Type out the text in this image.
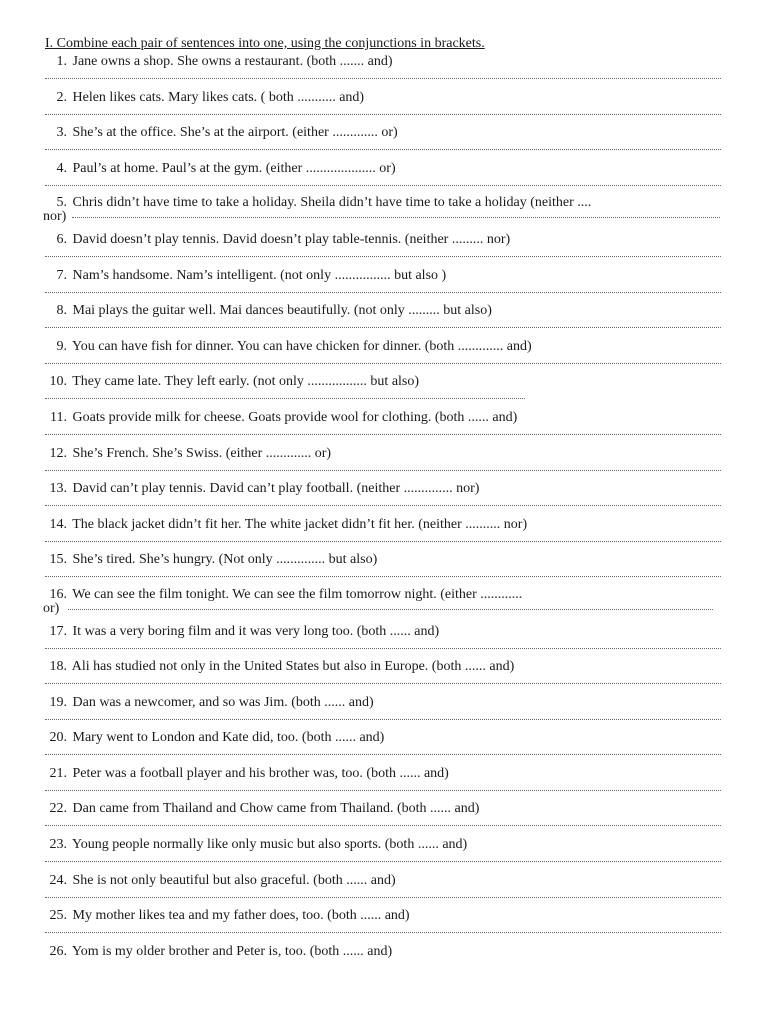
I. Combine each pair of sentences into one, using the conjunctions in brackets.
1. Jane owns a shop. She owns a restaurant. (both ....... and)
2. Helen likes cats. Mary likes cats. ( both ........... and)
3. She’s at the office. She’s at the airport. (either ............. or)
4. Paul’s at home. Paul’s at the gym. (either .................... or)
5. Chris didn’t have time to take a holiday. Sheila didn’t have time to take a holiday (neither ....
nor)
6. David doesn’t play tennis. David doesn’t play table-tennis. (neither ......... nor)
7. Nam’s handsome. Nam’s intelligent. (not only ................ but also )
8. Mai plays the guitar well. Mai dances beautifully. (not only ......... but also)
9. You can have fish for dinner. You can have chicken for dinner. (both ............. and)
10. They came late. They left early. (not only ................. but also)
11. Goats provide milk for cheese. Goats provide wool for clothing. (both ...... and)
12. She’s French. She’s Swiss. (either ............. or)
13. David can’t play tennis. David can’t play football. (neither .............. nor)
14. The black jacket didn’t fit her. The white jacket didn’t fit her. (neither .......... nor)
15. She’s tired. She’s hungry. (Not only .............. but also)
16. We can see the film tonight. We can see the film tomorrow night. (either ............
or)
17. It was a very boring film and it was very long too. (both ...... and)
18. Ali has studied not only in the United States but also in Europe. (both ...... and)
19. Dan was a newcomer, and so was Jim. (both ...... and)
20. Mary went to London and Kate did, too. (both ...... and)
21. Peter was a football player and his brother was, too. (both ...... and)
22. Dan came from Thailand and Chow came from Thailand. (both ...... and)
23. Young people normally like only music but also sports. (both ...... and)
24. She is not only beautiful but also graceful. (both ...... and)
25. My mother likes tea and my father does, too. (both ...... and)
26. Yom is my older brother and Peter is, too. (both ...... and)
